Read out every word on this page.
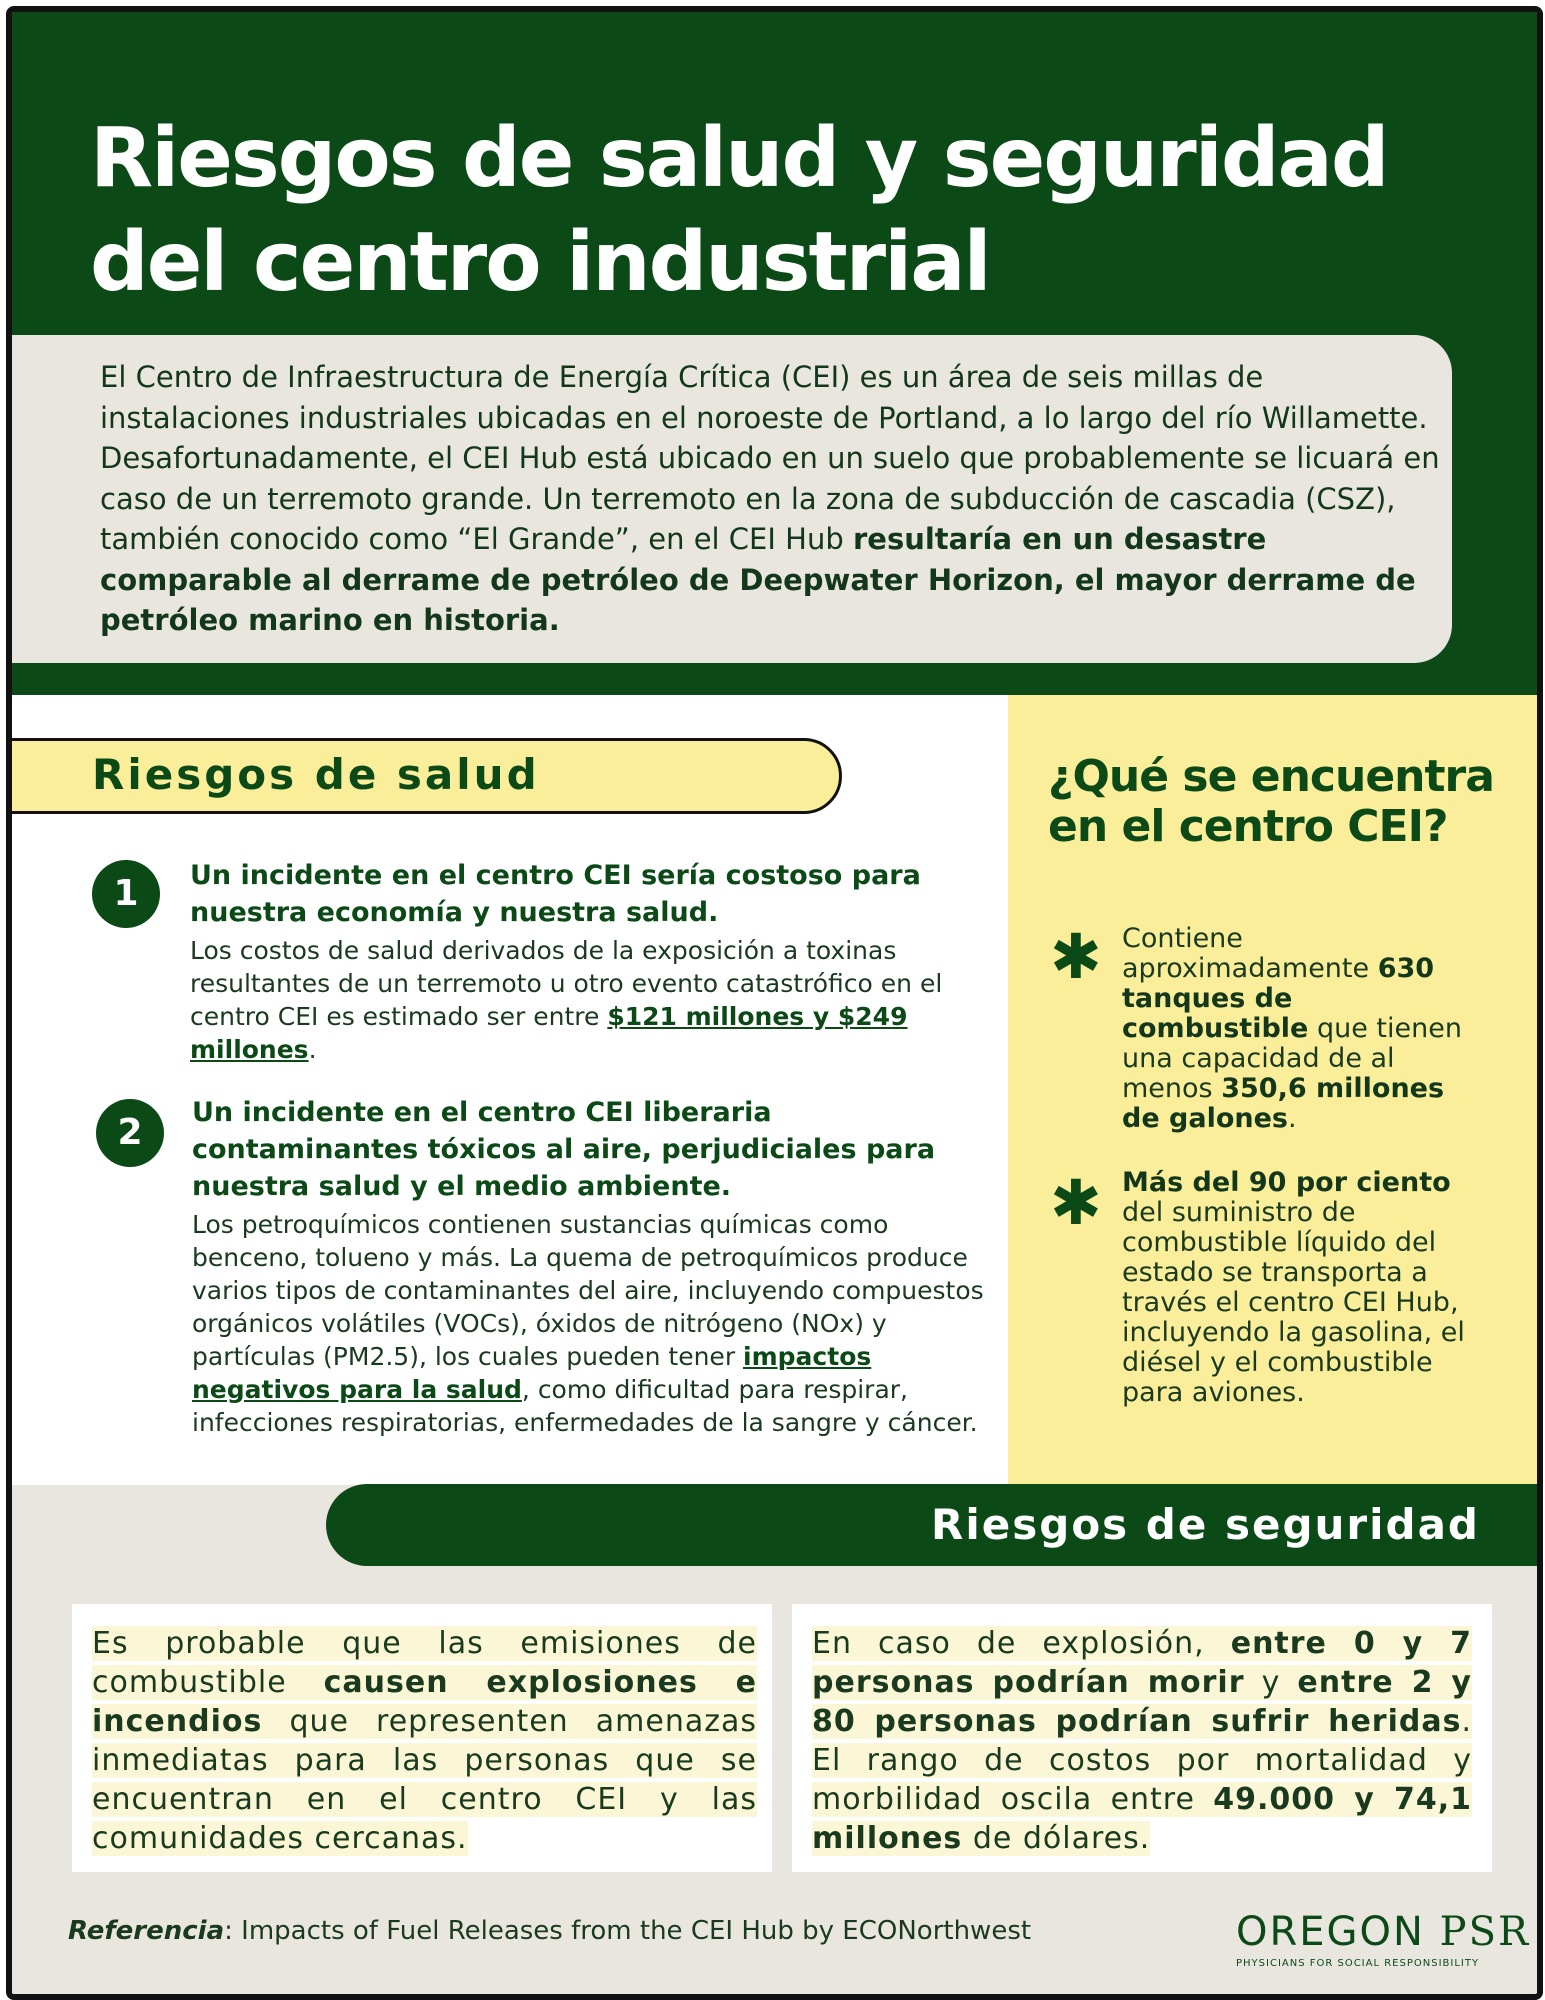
Riesgos de salud y seguridad del centro industrial
El Centro de Infraestructura de Energía Crítica (CEI) es un área de seis millas de instalaciones industriales ubicadas en el noroeste de Portland, a lo largo del río Willamette. Desafortunadamente, el CEI Hub está ubicado en un suelo que probablemente se licuará en caso de un terremoto grande. Un terremoto en la zona de subducción de cascadia (CSZ), también conocido como “El Grande”, en el CEI Hub resultaría en un desastre comparable al derrame de petróleo de Deepwater Horizon, el mayor derrame de petróleo marino en historia.
Riesgos de salud
1	Un incidente en el centro CEI sería costoso para nuestra economía y nuestra salud.
Los costos de salud derivados de la exposición a toxinas resultantes de un terremoto u otro evento catastrófico en el centro CEI es estimado ser entre $121 millones y $249 millones.
2	Un incidente en el centro CEI liberaria contaminantes tóxicos al aire, perjudiciales para nuestra salud y el medio ambiente.
Los petroquímicos contienen sustancias químicas como benceno, tolueno y más. La quema de petroquímicos produce varios tipos de contaminantes del aire, incluyendo compuestos orgánicos volátiles (VOCs), óxidos de nitrógeno (NOx) y partículas (PM2.5), los cuales pueden tener impactos negativos para la salud, como dificultad para respirar, infecciones respiratorias, enfermedades de la sangre y cáncer.
¿Qué se encuentra en el centro CEI?
✱ Contiene aproximadamente 630 tanques de combustible que tienen una capacidad de al menos 350,6 millones de galones.
✱ Más del 90 por ciento del suministro de combustible líquido del estado se transporta a través el centro CEI Hub, incluyendo la gasolina, el diésel y el combustible para aviones.
Riesgos de seguridad
Es probable que las emisiones de combustible causen explosiones e incendios que representen amenazas inmediatas para las personas que se encuentran en el centro CEI y las comunidades cercanas.
En caso de explosión, entre 0 y 7 personas podrían morir y entre 2 y 80 personas podrían sufrir heridas. El rango de costos por mortalidad y morbilidad oscila entre 49.000 y 74,1 millones de dólares.
Referencia: Impacts of Fuel Releases from the CEI Hub by ECONorthwest	OREGON PSR
PHYSICIANS FOR SOCIAL RESPONSIBILITY
